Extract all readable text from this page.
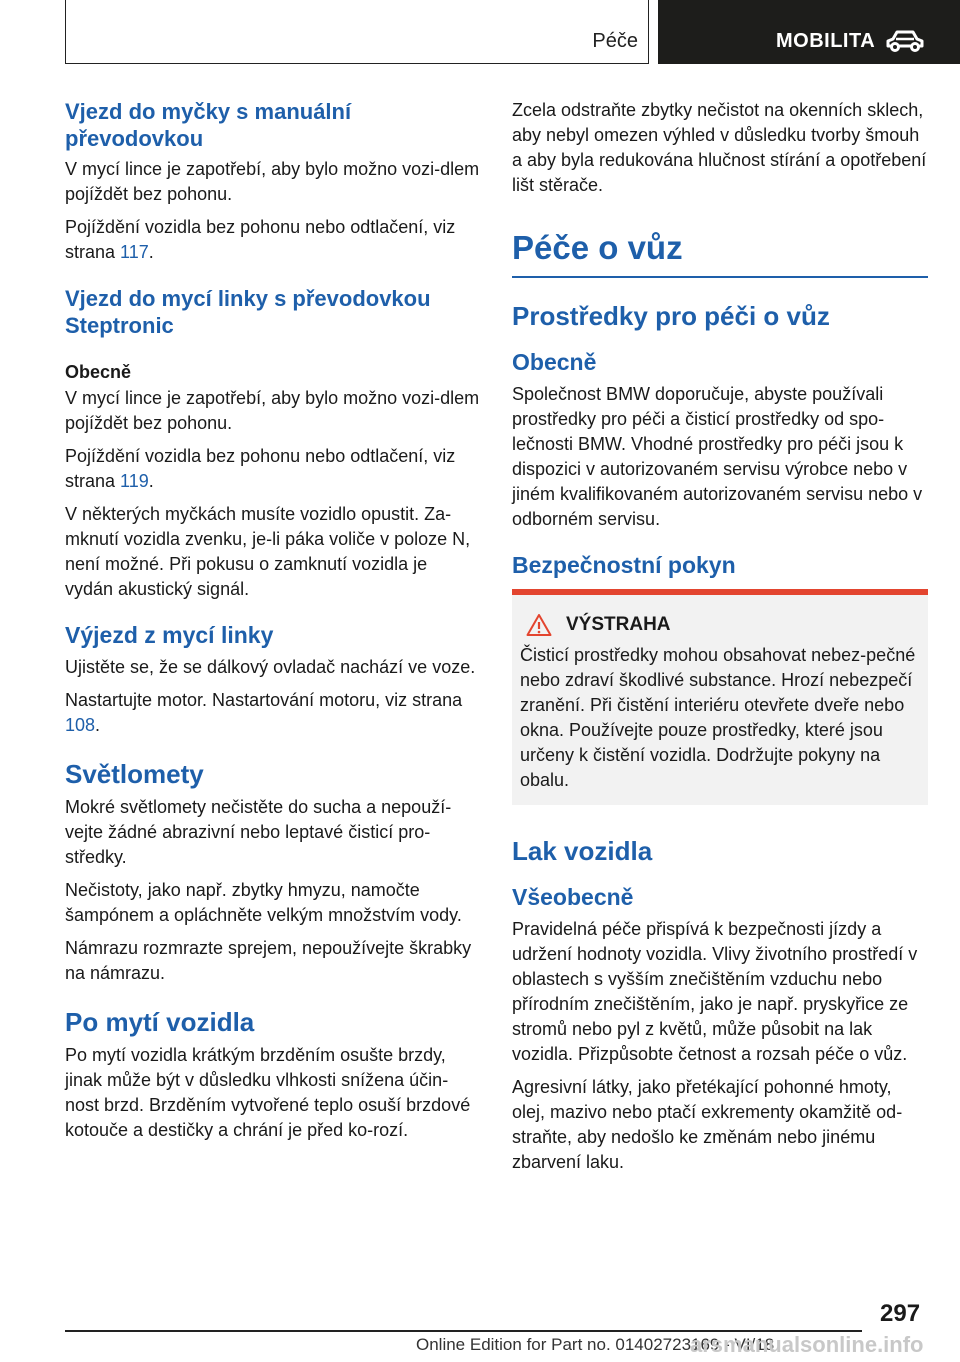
Péče	MOBILITA
Vjezd do myčky s manuální převodovkou
V mycí lince je zapotřebí, aby bylo možno vozi‐dlem pojíždět bez pohonu.
Pojíždění vozidla bez pohonu nebo odtlačení, viz strana 117.
Vjezd do mycí linky s převodovkou Steptronic
Obecně
V mycí lince je zapotřebí, aby bylo možno vozi‐dlem pojíždět bez pohonu.
Pojíždění vozidla bez pohonu nebo odtlačení, viz strana 119.
V některých myčkách musíte vozidlo opustit. Za‐mknutí vozidla zvenku, je-li páka voliče v poloze N, není možné. Při pokusu o zamknutí vozidla je vydán akustický signál.
Výjezd z mycí linky
Ujistěte se, že se dálkový ovladač nachází ve voze.
Nastartujte motor. Nastartování motoru, viz strana 108.
Světlomety
Mokré světlomety nečistěte do sucha a nepouží‐vejte žádné abrazivní nebo leptavé čisticí pro‐středky.
Nečistoty, jako např. zbytky hmyzu, namočte šampónem a opláchněte velkým množstvím vody.
Námrazu rozmrazte sprejem, nepoužívejte škrabky na námrazu.
Po mytí vozidla
Po mytí vozidla krátkým brzděním osušte brzdy, jinak může být v důsledku vlhkosti snížena účin‐nost brzd. Brzděním vytvořené teplo osuší brzdové kotouče a destičky a chrání je před ko‐rozí.
Zcela odstraňte zbytky nečistot na okenních sklech, aby nebyl omezen výhled v důsledku tvorby šmouh a aby byla redukována hlučnost stírání a opotřebení lišt stěrače.
Péče o vůz
Prostředky pro péči o vůz
Obecně
Společnost BMW doporučuje, abyste používali prostředky pro péči a čisticí prostředky od spo‐lečnosti BMW. Vhodné prostředky pro péči jsou k dispozici v autorizovaném servisu výrobce nebo v jiném kvalifikovaném autorizovaném servisu nebo v odborném servisu.
Bezpečnostní pokyn
VÝSTRAHA
Čisticí prostředky mohou obsahovat nebez‐pečné nebo zdraví škodlivé substance. Hrozí nebezpečí zranění. Při čistění interiéru otevřete dveře nebo okna. Používejte pouze prostředky, které jsou určeny k čistění vozidla. Dodržujte pokyny na obalu.
Lak vozidla
Všeobecně
Pravidelná péče přispívá k bezpečnosti jízdy a udržení hodnoty vozidla. Vlivy životního prostředí v oblastech s vyšším znečištěním vzduchu nebo přírodním znečištěním, jako je např. pryskyřice ze stromů nebo pyl z květů, může působit na lak vozidla. Přizpůsobte četnost a rozsah péče o vůz.
Agresivní látky, jako přetékající pohonné hmoty, olej, mazivo nebo ptačí exkrementy okamžitě od‐straňte, aby nedošlo ke změnám nebo jinému zbarvení laku.
297
Online Edition for Part no. 01402723169 - VI/18
arsmanualsonline.info
